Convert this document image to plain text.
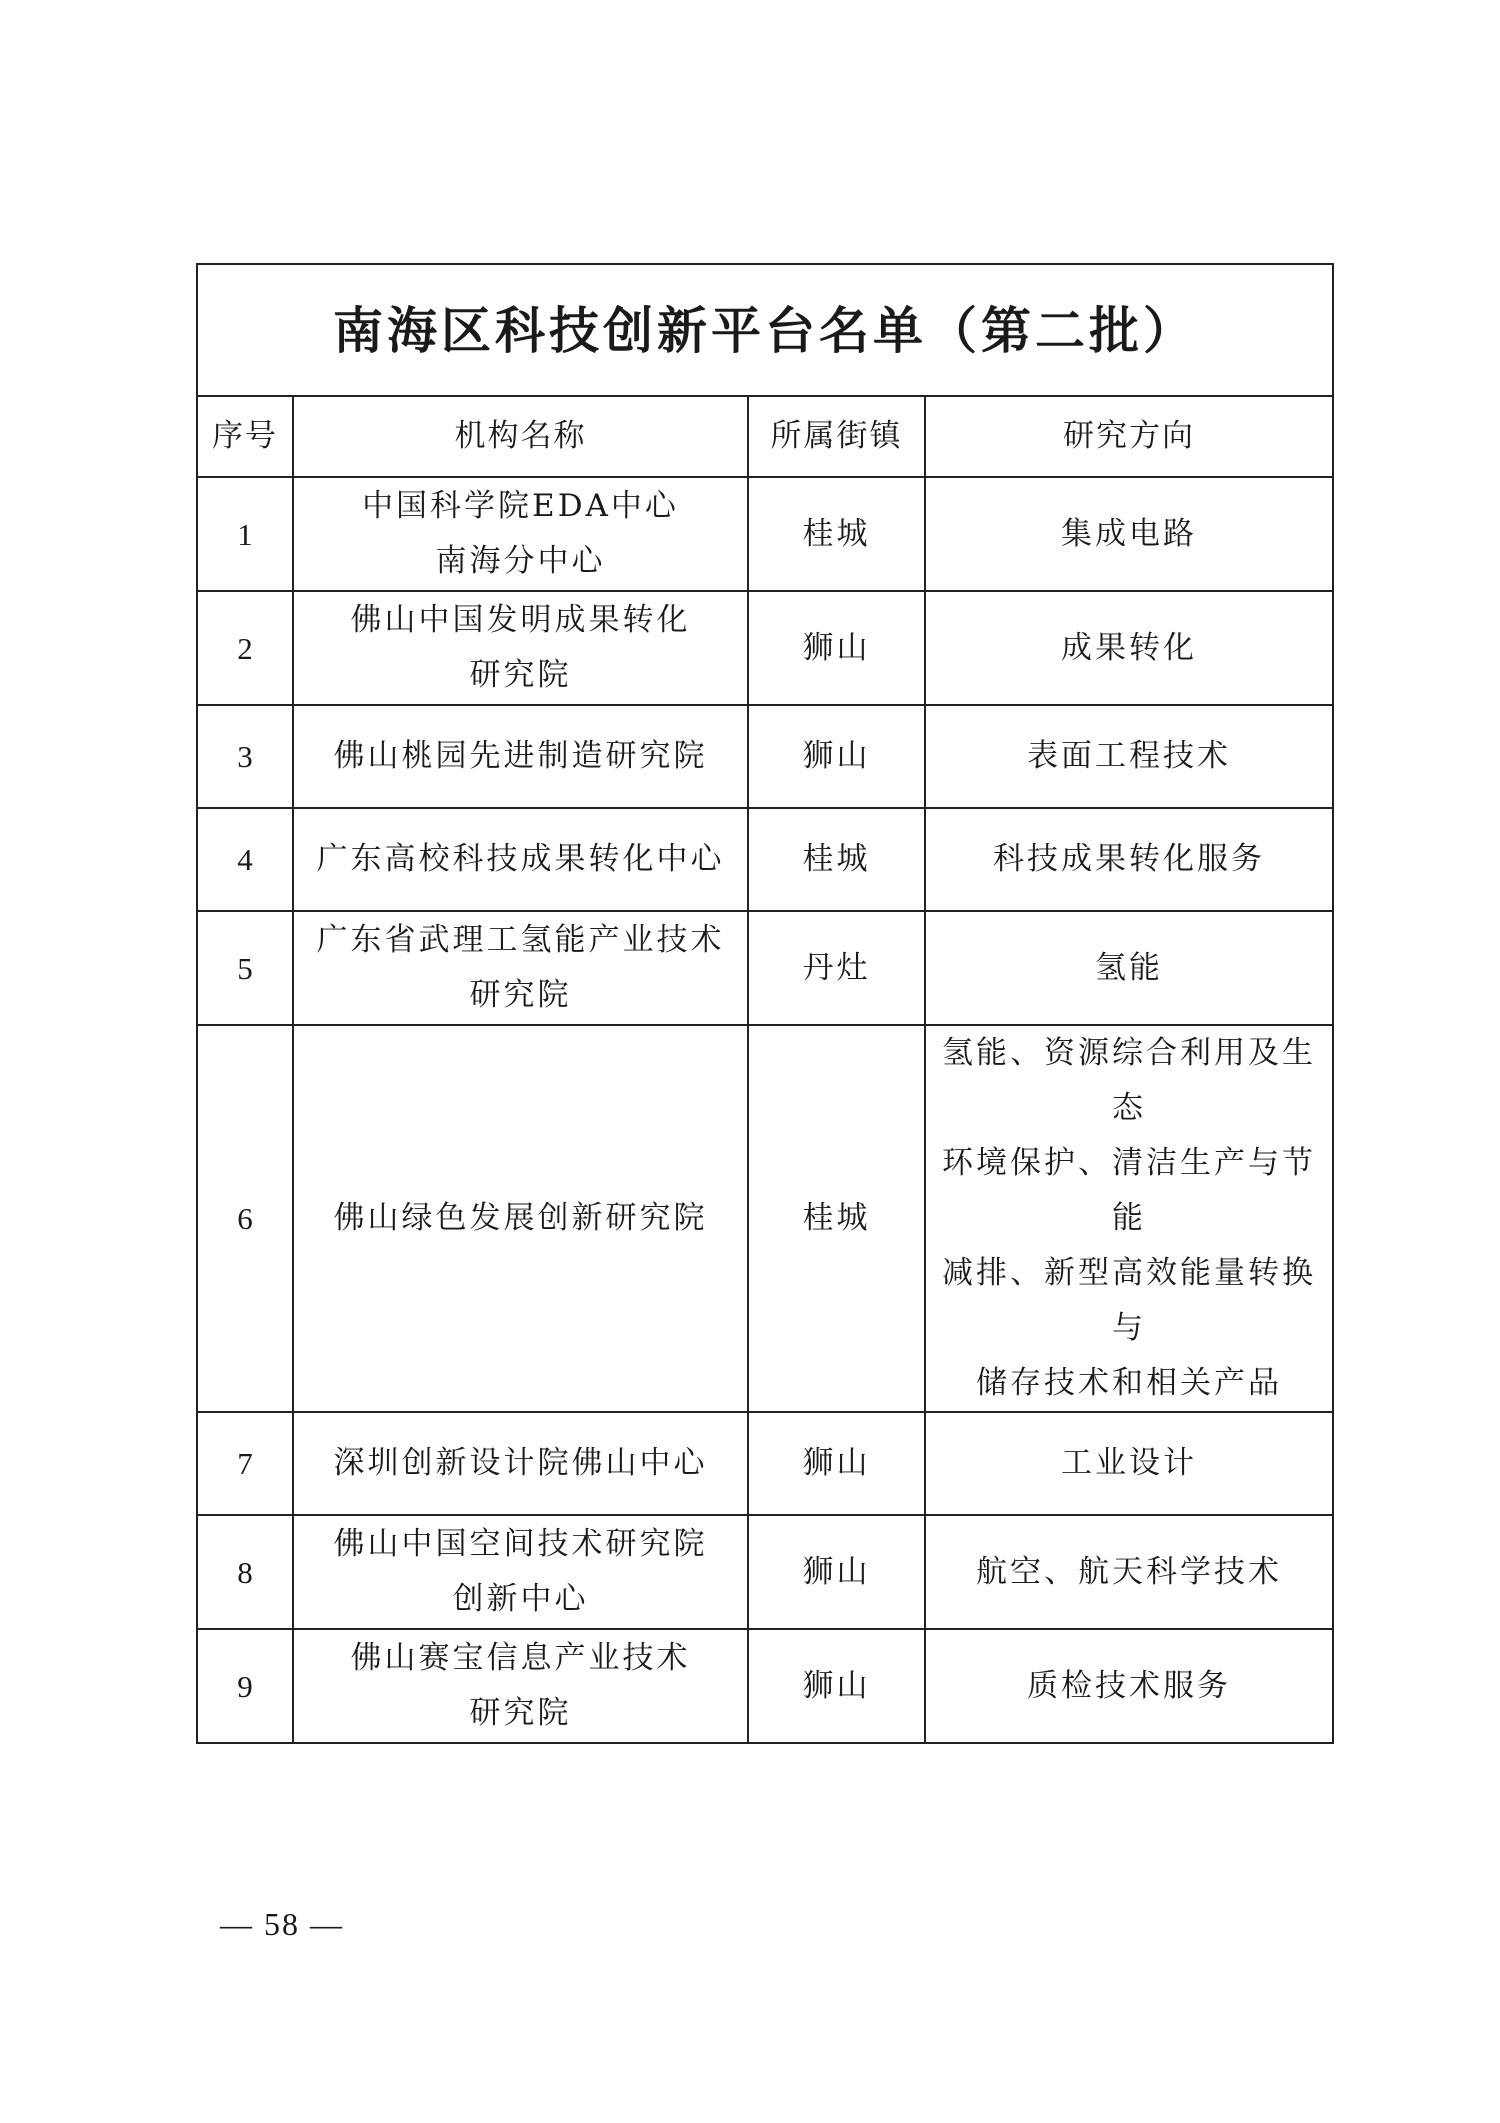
南海区科技创新平台名单（第二批）			
序号	机构名称	所属街镇	研究方向
1	中国科学院EDA中心
南海分中心	桂城	集成电路

2	佛山中国发明成果转化
研究院	狮山	成果转化

3	佛山桃园先进制造研究院	狮山	表面工程技术

4	广东高校科技成果转化中心	桂城	科技成果转化服务

5	广东省武理工氢能产业技术
研究院	丹灶	氢能

6	佛山绿色发展创新研究院	桂城	氢能、资源综合利用及生态
环境保护、清洁生产与节能
减排、新型高效能量转换与
储存技术和相关产品

7	深圳创新设计院佛山中心	狮山	工业设计

8	佛山中国空间技术研究院
创新中心	狮山	航空、航天科学技术

9	佛山赛宝信息产业技术
研究院	狮山	质检技术服务
— 58 —
